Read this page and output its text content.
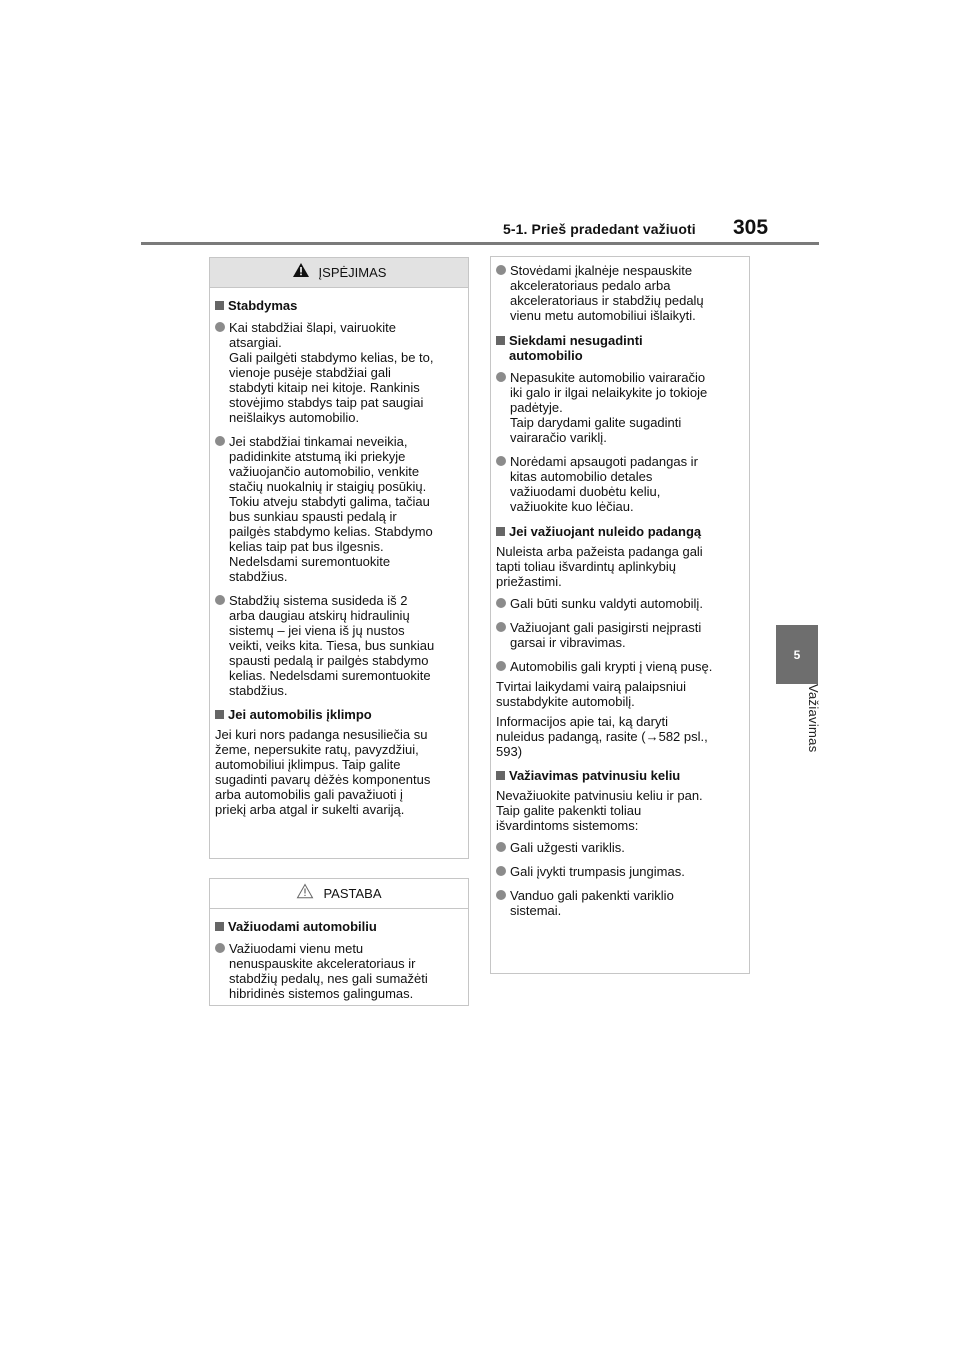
5-1. Prieš pradedant važiuoti 305
5
Važiavimas
ĮSPĖJIMAS
Stabdymas
Kai stabdžiai šlapi, vairuokite
atsargiai.
Gali pailgėti stabdymo kelias, be to,
vienoje pusėje stabdžiai gali
stabdyti kitaip nei kitoje. Rankinis
stovėjimo stabdys taip pat saugiai
neišlaikys automobilio.
Jei stabdžiai tinkamai neveikia,
padidinkite atstumą iki priekyje
važiuojančio automobilio, venkite
stačių nuokalnių ir staigių posūkių.
Tokiu atveju stabdyti galima, tačiau
bus sunkiau spausti pedalą ir
pailgės stabdymo kelias. Stabdymo
kelias taip pat bus ilgesnis.
Nedelsdami suremontuokite
stabdžius.
Stabdžių sistema susideda iš 2
arba daugiau atskirų hidraulinių
sistemų – jei viena iš jų nustos
veikti, veiks kita. Tiesa, bus sunkiau
spausti pedalą ir pailgės stabdymo
kelias. Nedelsdami suremontuokite
stabdžius.
Jei automobilis įklimpo
Jei kuri nors padanga nesusiliečia su
žeme, nepersukite ratų, pavyzdžiui,
automobiliui įklimpus. Taip galite
sugadinti pavarų dėžės komponentus
arba automobilis gali pavažiuoti į
priekį arba atgal ir sukelti avariją.
PASTABA
Važiuodami automobiliu
Važiuodami vienu metu
nenuspauskite akceleratoriaus ir
stabdžių pedalų, nes gali sumažėti
hibridinės sistemos galingumas.
Stovėdami įkalnėje nespauskite
akceleratoriaus pedalo arba
akceleratoriaus ir stabdžių pedalų
vienu metu automobiliui išlaikyti.
Siekdami nesugadinti
automobilio
Nepasukite automobilio vairaračio
iki galo ir ilgai nelaikykite jo tokioje
padėtyje.
Taip darydami galite sugadinti
vairaračio variklį.
Norėdami apsaugoti padangas ir
kitas automobilio detales
važiuodami duobėtu keliu,
važiuokite kuo lėčiau.
Jei važiuojant nuleido padangą
Nuleista arba pažeista padanga gali
tapti toliau išvardintų aplinkybių
priežastimi.
Gali būti sunku valdyti automobilį.
Važiuojant gali pasigirsti neįprasti
garsai ir vibravimas.
Automobilis gali krypti į vieną pusę.
Tvirtai laikydami vairą palaipsniui
sustabdykite automobilį.
Informacijos apie tai, ką daryti
nuleidus padangą, rasite (→582 psl.,
593)
Važiavimas patvinusiu keliu
Nevažiuokite patvinusiu keliu ir pan.
Taip galite pakenkti toliau
išvardintoms sistemoms:
Gali užgesti variklis.
Gali įvykti trumpasis jungimas.
Vanduo gali pakenkti variklio
sistemai.
